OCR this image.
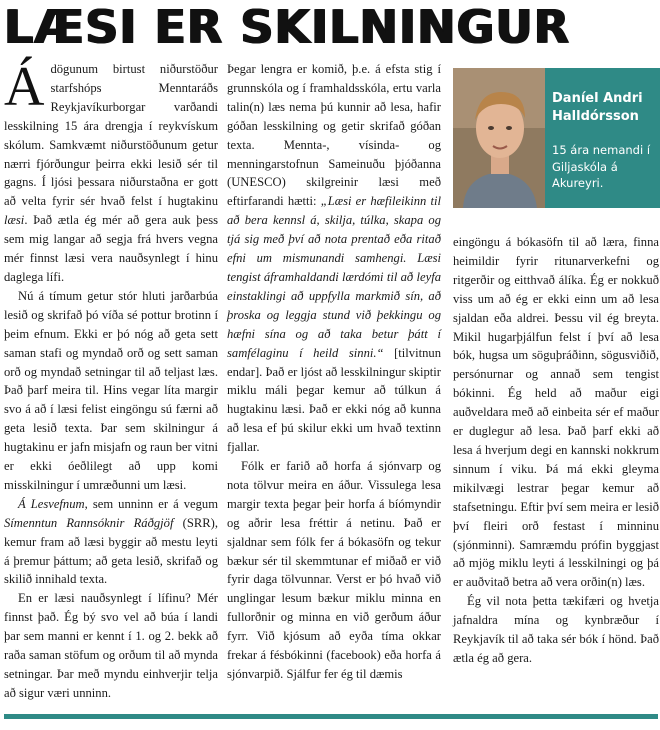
LÆSI ER SKILNINGUR

Ádögunum birtust niðurstöður starfshóps Menntaráðs Reykjavíkurborgar varðandi lesskilning 15 ára drengja í reykvískum skólum. Samkvæmt niðurstöðunum getur nærri fjórðungur þeirra ekki lesið sér til gagns. Í ljósi þessara niðurstaðna er gott að velta fyrir sér hvað felst í hugtakinu læsi. Það ætla ég mér að gera auk þess sem mig langar að segja frá hvers vegna mér finnst læsi vera nauðsynlegt í hinu daglega lífi.

Nú á tímum getur stór hluti jarðarbúa lesið og skrifað þó víða sé pottur brotinn í þeim efnum. Ekki er þó nóg að geta sett saman stafi og myndað orð og sett saman orð og myndað setningar til að teljast læs. Það þarf meira til. Hins vegar líta margir svo á að í læsi felist eingöngu sú færni að geta lesið texta. Þar sem skilningur á hugtakinu er jafn misjafn og raun ber vitni er ekki óeðlilegt að upp komi misskilningur í umræðunni um læsi.

Á Lesvefnum, sem unninn er á vegum Símenntun Rannsóknir Ráðgjöf (SRR), kemur fram að læsi byggir að mestu leyti á þremur þáttum; að geta lesið, skrifað og skilið innihald texta.

En er læsi nauðsynlegt í lífinu? Mér finnst það. Ég bý svo vel að búa í landi þar sem manni er kennt í 1. og 2. bekk að raða saman stöfum og orðum til að mynda setningar. Þar með myndu einhverjir telja að sigur væri unninn.

Þegar lengra er komið, þ.e. á efsta stig í grunnskóla og í framhaldsskóla, ertu varla talin(n) læs nema þú kunnir að lesa, hafir góðan lesskilning og getir skrifað góðan texta. Mennta-, vísinda- og menningarstofnun Sameinuðu þjóðanna (UNESCO) skilgreinir læsi með eftirfarandi hætti: „Læsi er hæfileikinn til að bera kennsl á, skilja, túlka, skapa og tjá sig með því að nota prentað eða ritað efni um mismunandi samhengi. Læsi tengist áframhaldandi lærdómi til að leyfa einstaklingi að uppfylla markmið sín, að þroska og leggja stund við þekkingu og hæfni sína og að taka betur þátt í samfélaginu í heild sinni.“ [tilvitnun endar]. Það er ljóst að lesskilningur skiptir miklu máli þegar kemur að túlkun á hugtakinu læsi. Það er ekki nóg að kunna að lesa ef þú skilur ekki um hvað textinn fjallar.

Fólk er farið að horfa á sjónvarp og nota tölvur meira en áður. Vissulega lesa margir texta þegar þeir horfa á bíómyndir og aðrir lesa fréttir á netinu. Það er sjaldnar sem fólk fer á bókasöfn og tekur bækur sér til skemmtunar ef miðað er við fyrir daga tölvunnar. Verst er þó hvað við unglingar lesum bækur miklu minna en fullorðnir og minna en við gerðum áður fyrr. Við kjósum að eyða tíma okkar frekar á fésbókinni (facebook) eða horfa á sjónvarpið. Sjálfur fer ég til dæmis

Daníel Andri Halldórsson
15 ára nemandi í Giljaskóla á Akureyri.

eingöngu á bókasöfn til að læra, finna heimildir fyrir ritunarverkefni og ritgerðir og eitthvað álíka. Ég er nokkuð viss um að ég er ekki einn um að lesa sjaldan eða aldrei. Þessu vil ég breyta. Mikil hugarþjálfun felst í því að lesa bók, hugsa um söguþráðinn, sögusviðið, persónurnar og annað sem tengist bókinni. Ég held að maður eigi auðveldara með að einbeita sér ef maður er duglegur að lesa. Það þarf ekki að lesa á hverjum degi en kannski nokkrum sinnum í viku. Þá má ekki gleyma mikilvægi lestrar þegar kemur að stafsetningu. Eftir því sem meira er lesið því fleiri orð festast í minninu (sjónminni). Samræmdu prófin byggjast að mjög miklu leyti á lesskilningi og þá er auðvitað betra að vera orðin(n) læs.

Ég vil nota þetta tækifæri og hvetja jafnaldra mína og kynbræður í Reykjavík til að taka sér bók í hönd. Það ætla ég að gera.
